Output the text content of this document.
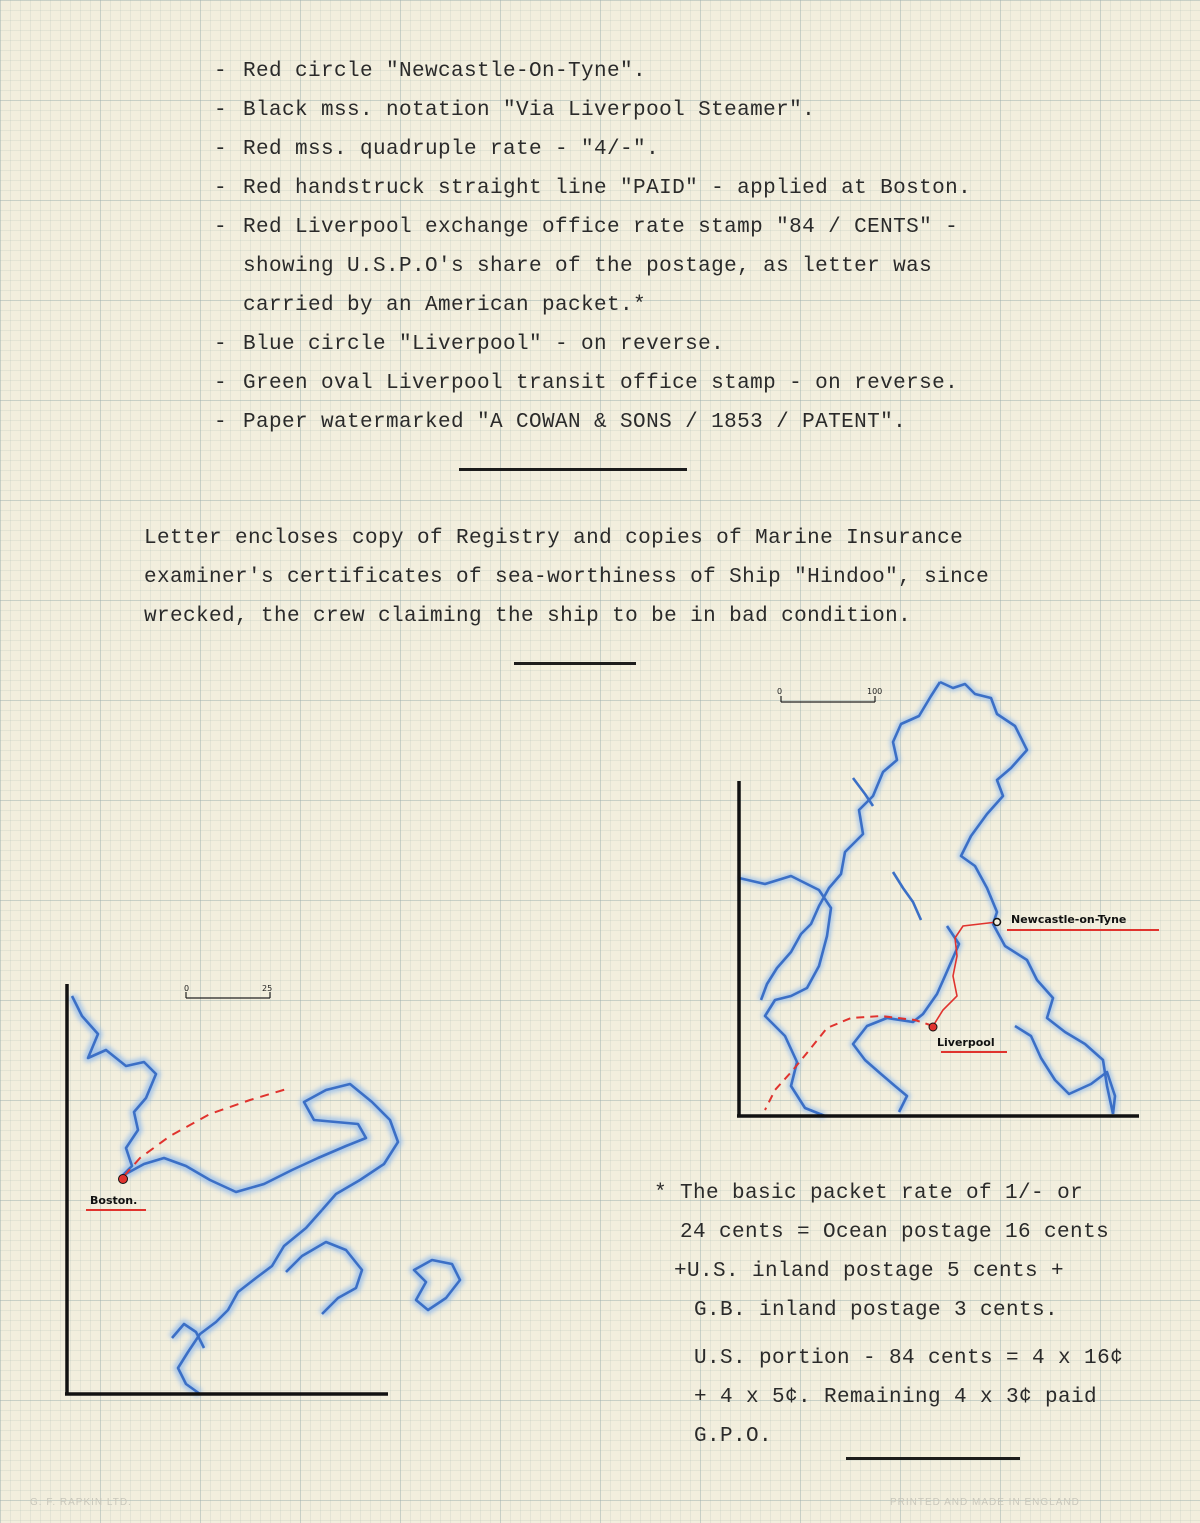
- Red circle "Newcastle-On-Tyne".
- Black mss. notation "Via Liverpool Steamer".
- Red mss. quadruple rate - "4/-".
- Red handstruck straight line "PAID" - applied at Boston.
- Red Liverpool exchange office rate stamp "84 / CENTS" -
showing U.S.P.O's share of the postage, as letter was
carried by an American packet.*
- Blue circle "Liverpool" - on reverse.
- Green oval Liverpool transit office stamp - on reverse.
- Paper watermarked "A COWAN & SONS / 1853 / PATENT".
Letter encloses copy of Registry and copies of Marine Insurance
examiner's certificates of sea-worthiness of Ship "Hindoo", since
wrecked, the crew claiming the ship to be in bad condition.
0	100
Newcastle-on-Tyne
Liverpool
0	25
Boston.	* The basic packet rate of 1/- or
24 cents = Ocean postage 16 cents
+U.S. inland postage 5 cents +
G.B. inland postage 3 cents.
U.S. portion - 84 cents = 4 x 16¢
+ 4 x 5¢. Remaining 4 x 3¢ paid
G.P.O.
G. F. RAPKIN LTD.	PRINTED AND MADE IN ENGLAND
